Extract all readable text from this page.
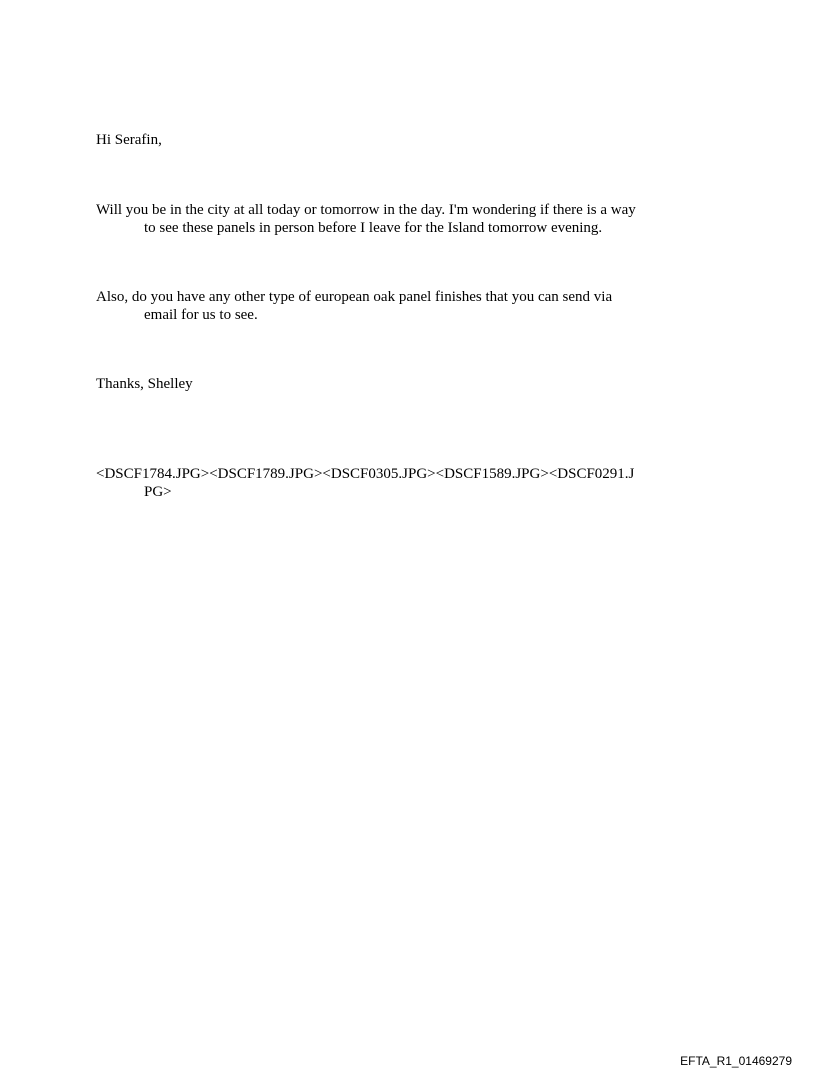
Hi Serafin,
Will you be in the city at all today or tomorrow in the day. I'm wondering if there is a way
to see these panels in person before I leave for the Island tomorrow evening.
Also, do you have any other type of european oak panel finishes that you can send via
email for us to see.
Thanks, Shelley
<DSCF1784.JPG><DSCF1789.JPG><DSCF0305.JPG><DSCF1589.JPG><DSCF0291.J
PG>
EFTA_R1_01469279
